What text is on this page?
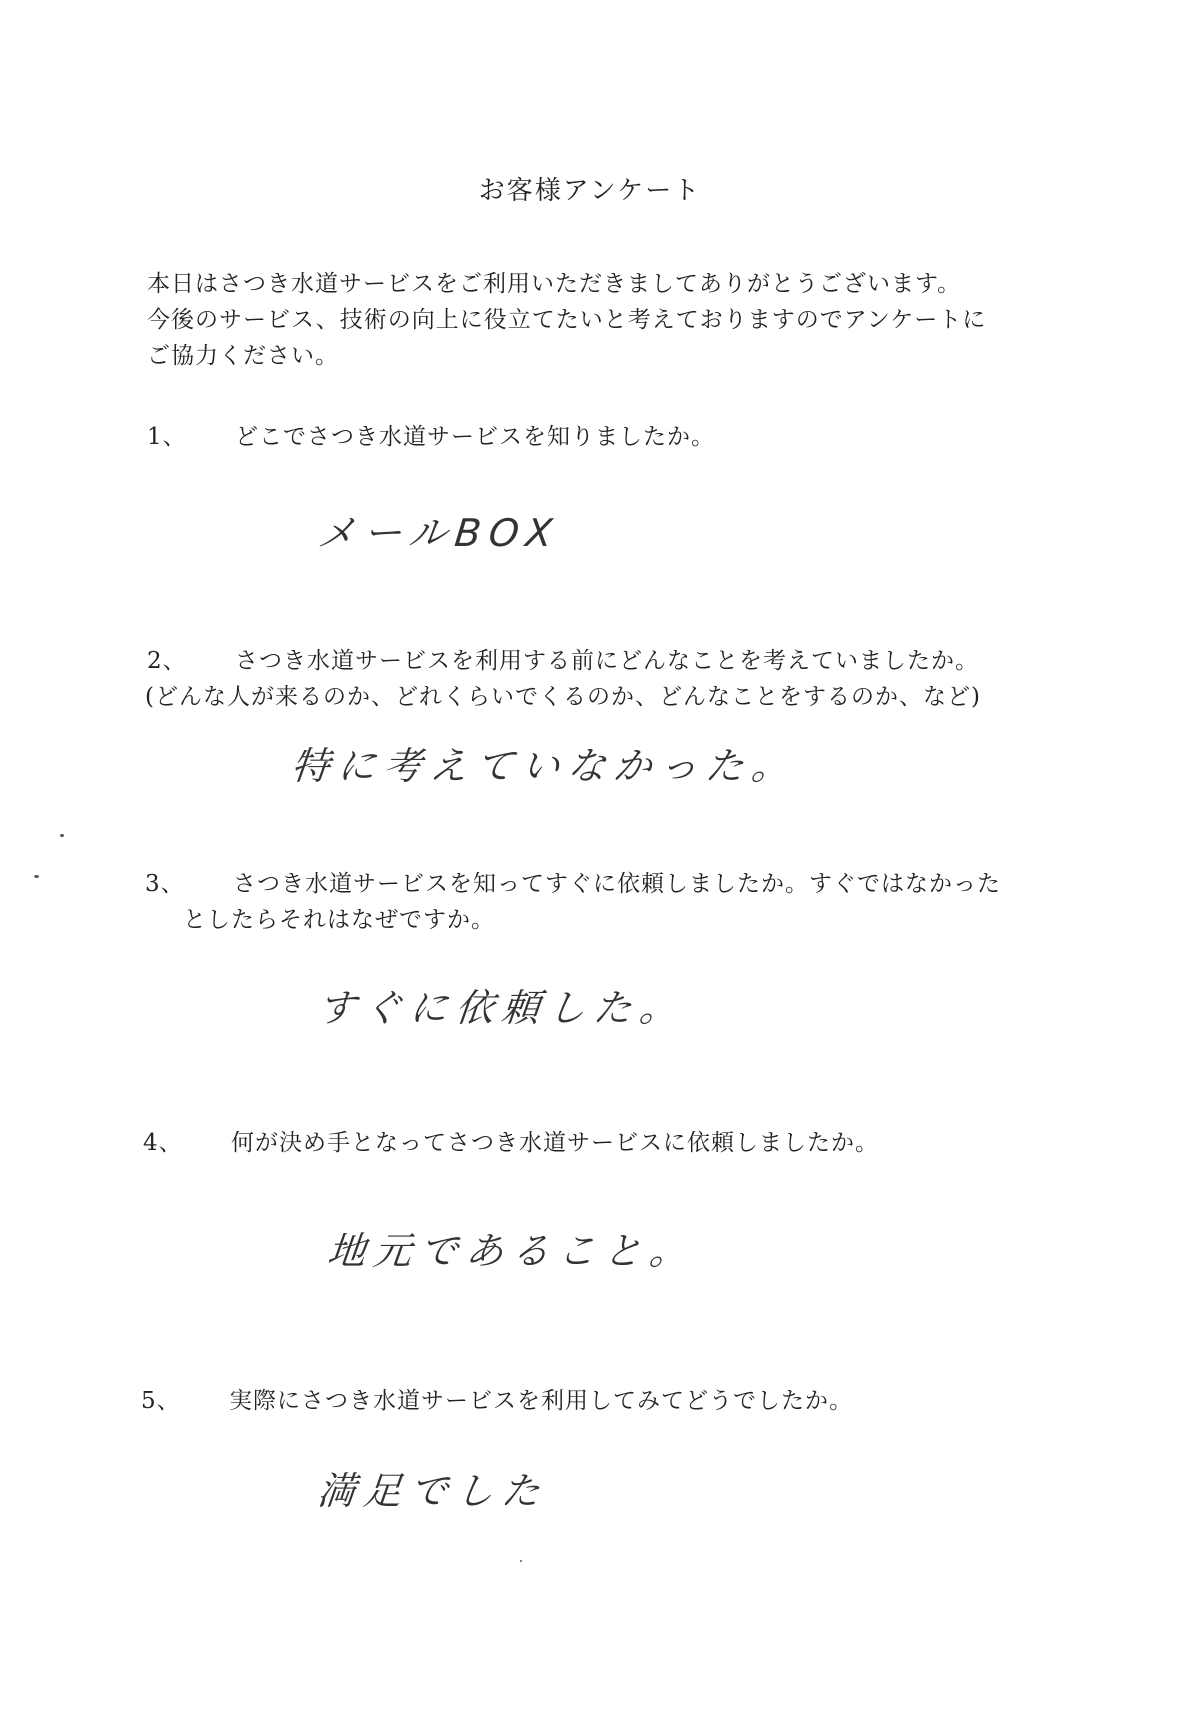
お客様アンケート
本日はさつき水道サービスをご利用いただきましてありがとうございます。
今後のサービス、技術の向上に役立てたいと考えておりますのでアンケートに
ご協力ください。
1、 どこでさつき水道サービスを知りましたか。
メールBOX
2、 さつき水道サービスを利用する前にどんなことを考えていましたか。
(どんな人が来るのか、どれくらいでくるのか、どんなことをするのか、など)
特に考えていなかった。
3、 さつき水道サービスを知ってすぐに依頼しましたか。すぐではなかった
としたらそれはなぜですか。
すぐに依頼した。
4、 何が決め手となってさつき水道サービスに依頼しましたか。
地元であること。
5、 実際にさつき水道サービスを利用してみてどうでしたか。
満足でした
